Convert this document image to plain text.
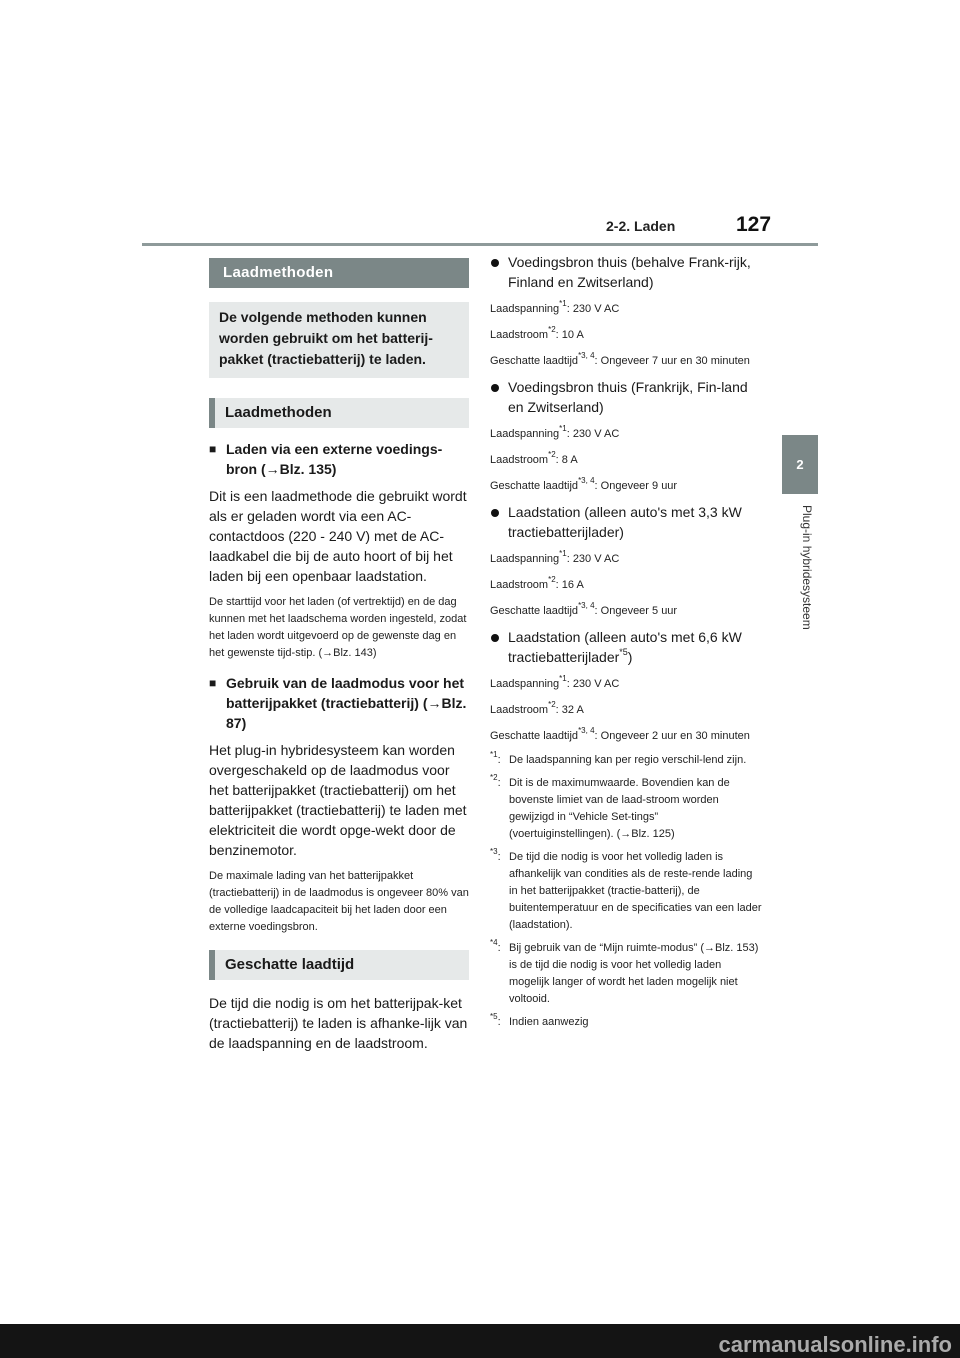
2-2. Laden	127
2
Plug-in hybridesysteem
Laadmethoden
De volgende methoden kunnen worden gebruikt om het batterij-pakket (tractiebatterij) te laden.
Laadmethoden
■ Laden via een externe voedings-bron (→Blz. 135)
Dit is een laadmethode die gebruikt wordt als er geladen wordt via een AC-contactdoos (220 - 240 V) met de AC-laadkabel die bij de auto hoort of bij het laden bij een openbaar laadstation.
De starttijd voor het laden (of vertrektijd) en de dag kunnen met het laadschema worden ingesteld, zodat het laden wordt uitgevoerd op de gewenste dag en het gewenste tijd-stip. (→Blz. 143)
■ Gebruik van de laadmodus voor het batterijpakket (tractiebatterij) (→Blz. 87)
Het plug-in hybridesysteem kan worden overgeschakeld op de laadmodus voor het batterijpakket (tractiebatterij) om het batterijpakket (tractiebatterij) te laden met elektriciteit die wordt opge-wekt door de benzinemotor.
De maximale lading van het batterijpakket (tractiebatterij) in de laadmodus is ongeveer 80% van de volledige laadcapaciteit bij het laden door een externe voedingsbron.
Geschatte laadtijd
De tijd die nodig is om het batterijpak-ket (tractiebatterij) te laden is afhanke-lijk van de laadspanning en de laadstroom.
Voedingsbron thuis (behalve Frank-rijk, Finland en Zwitserland)
Laadspanning$^{*1}$: 230 V AC
Laadstroom$^{*2}$: 10 A
Geschatte laadtijd$^{*3, 4}$: Ongeveer 7 uur en 30 minuten
Voedingsbron thuis (Frankrijk, Fin-land en Zwitserland)
Laadspanning$^{*1}$: 230 V AC
Laadstroom$^{*2}$: 8 A
Geschatte laadtijd$^{*3, 4}$: Ongeveer 9 uur
Laadstation (alleen auto's met 3,3 kW tractiebatterijlader)
Laadspanning$^{*1}$: 230 V AC
Laadstroom$^{*2}$: 16 A
Geschatte laadtijd$^{*3, 4}$: Ongeveer 5 uur
Laadstation (alleen auto's met 6,6 kW tractiebatterijlader$^{*5}$)
Laadspanning$^{*1}$: 230 V AC
Laadstroom$^{*2}$: 32 A
Geschatte laadtijd$^{*3, 4}$: Ongeveer 2 uur en 30 minuten
$^{*1}$: De laadspanning kan per regio verschil-lend zijn.
$^{*2}$: Dit is de maximumwaarde. Bovendien kan de bovenste limiet van de laad-stroom worden gewijzigd in “Vehicle Set-tings” (voertuiginstellingen). (→Blz. 125)
$^{*3}$: De tijd die nodig is voor het volledig laden is afhankelijk van condities als de reste-rende lading in het batterijpakket (tractie-batterij), de buitentemperatuur en de specificaties van een lader (laadstation).
$^{*4}$: Bij gebruik van de “Mijn ruimte-modus” (→Blz. 153) is de tijd die nodig is voor het volledig laden mogelijk langer of wordt het laden mogelijk niet voltooid.
$^{*5}$: Indien aanwezig
carmanualsonline.info
